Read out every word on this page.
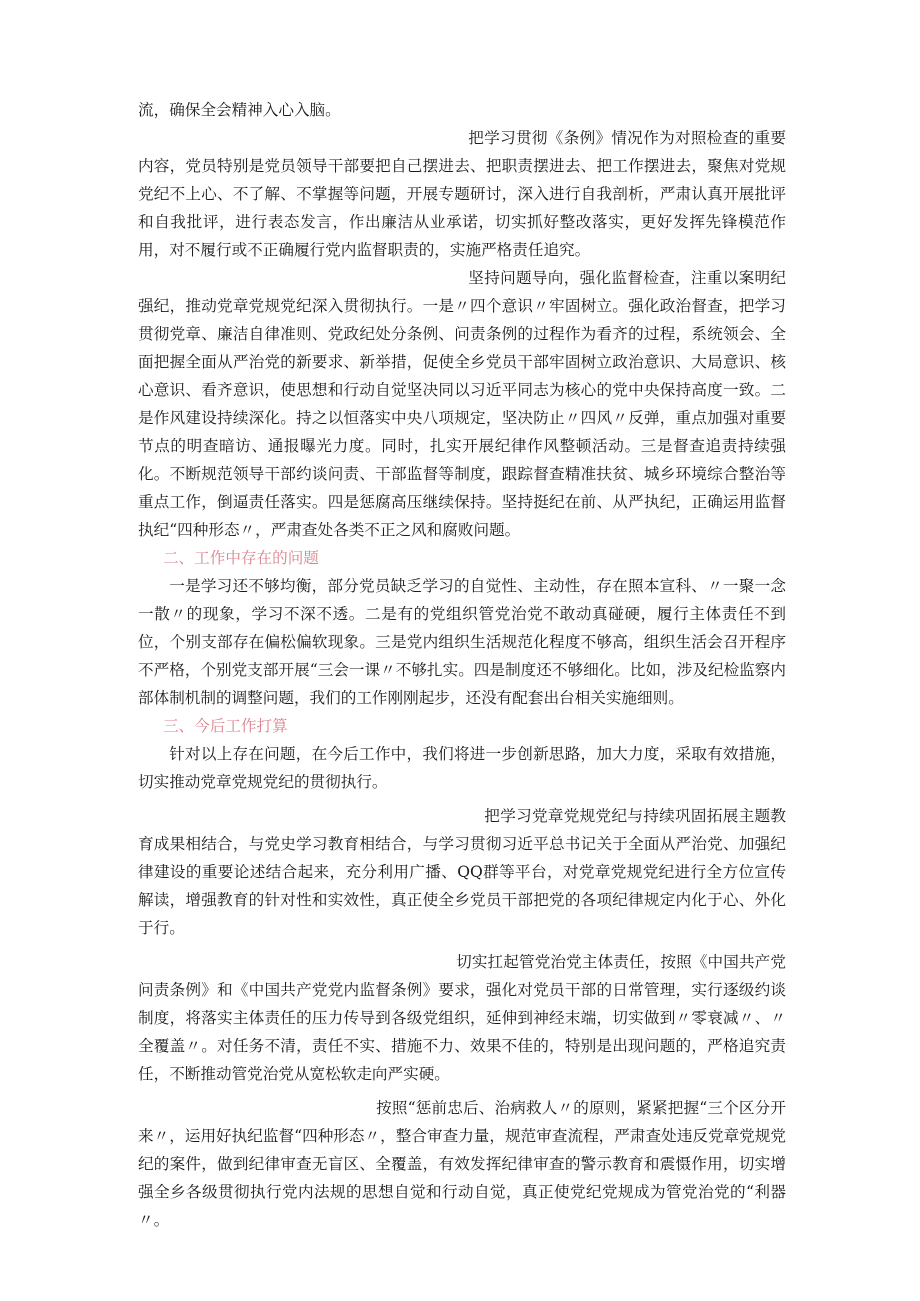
流，确保全会精神入心入脑。

把学习贯彻《条例》情况作为对照检查的重要内容，党员特别是党员领导干部要把自己摆进去、把职责摆进去、把工作摆进去，聚焦对党规党纪不上心、不了解、不掌握等问题，开展专题研讨，深入进行自我剖析，严肃认真开展批评和自我批评，进行表态发言，作出廉洁从业承诺，切实抓好整改落实，更好发挥先锋模范作用，对不履行或不正确履行党内监督职责的，实施严格责任追究。

坚持问题导向，强化监督检查，注重以案明纪强纪，推动党章党规党纪深入贯彻执行。一是〃四个意识〃牢固树立。强化政治督查，把学习贯彻党章、廉洁自律准则、党政纪处分条例、问责条例的过程作为看齐的过程，系统领会、全面把握全面从严治党的新要求、新举措，促使全乡党员干部牢固树立政治意识、大局意识、核心意识、看齐意识，使思想和行动自觉坚决同以习近平同志为核心的党中央保持高度一致。二是作风建设持续深化。持之以恒落实中央八项规定，坚决防止〃四风〃反弹，重点加强对重要节点的明查暗访、通报曝光力度。同时，扎实开展纪律作风整顿活动。三是督查追责持续强化。不断规范领导干部约谈问责、干部监督等制度，跟踪督查精准扶贫、城乡环境综合整治等重点工作，倒逼责任落实。四是惩腐高压继续保持。坚持挺纪在前、从严执纪，正确运用监督执纪“四种形态〃，严肃查处各类不正之风和腐败问题。

二、工作中存在的问题

一是学习还不够均衡，部分党员缺乏学习的自觉性、主动性，存在照本宣科、〃一聚一念一散〃的现象，学习不深不透。二是有的党组织管党治党不敢动真碰硬，履行主体责任不到位，个别支部存在偏松偏软现象。三是党内组织生活规范化程度不够高，组织生活会召开程序不严格，个别党支部开展“三会一课〃不够扎实。四是制度还不够细化。比如，涉及纪检监察内部体制机制的调整问题，我们的工作刚刚起步，还没有配套出台相关实施细则。

三、今后工作打算

针对以上存在问题，在今后工作中，我们将进一步创新思路，加大力度，采取有效措施，切实推动党章党规党纪的贯彻执行。

把学习党章党规党纪与持续巩固拓展主题教育成果相结合，与党史学习教育相结合，与学习贯彻习近平总书记关于全面从严治党、加强纪律建设的重要论述结合起来，充分利用广播、QQ群等平台，对党章党规党纪进行全方位宣传解读，增强教育的针对性和实效性，真正使全乡党员干部把党的各项纪律规定内化于心、外化于行。

切实扛起管党治党主体责任，按照《中国共产党问责条例》和《中国共产党党内监督条例》要求，强化对党员干部的日常管理，实行逐级约谈制度，将落实主体责任的压力传导到各级党组织，延伸到神经末端，切实做到〃零衰减〃、〃全覆盖〃。对任务不清，责任不实、措施不力、效果不佳的，特别是出现问题的，严格追究责任，不断推动管党治党从宽松软走向严实硬。

按照“惩前忠后、治病救人〃的原则，紧紧把握“三个区分开来〃，运用好执纪监督“四种形态〃，整合审查力量，规范审查流程，严肃查处违反党章党规党纪的案件，做到纪律审查无盲区、全覆盖，有效发挥纪律审查的警示教育和震慑作用，切实增强全乡各级贯彻执行党内法规的思想自觉和行动自觉，真正使党纪党规成为管党治党的“利器〃。
